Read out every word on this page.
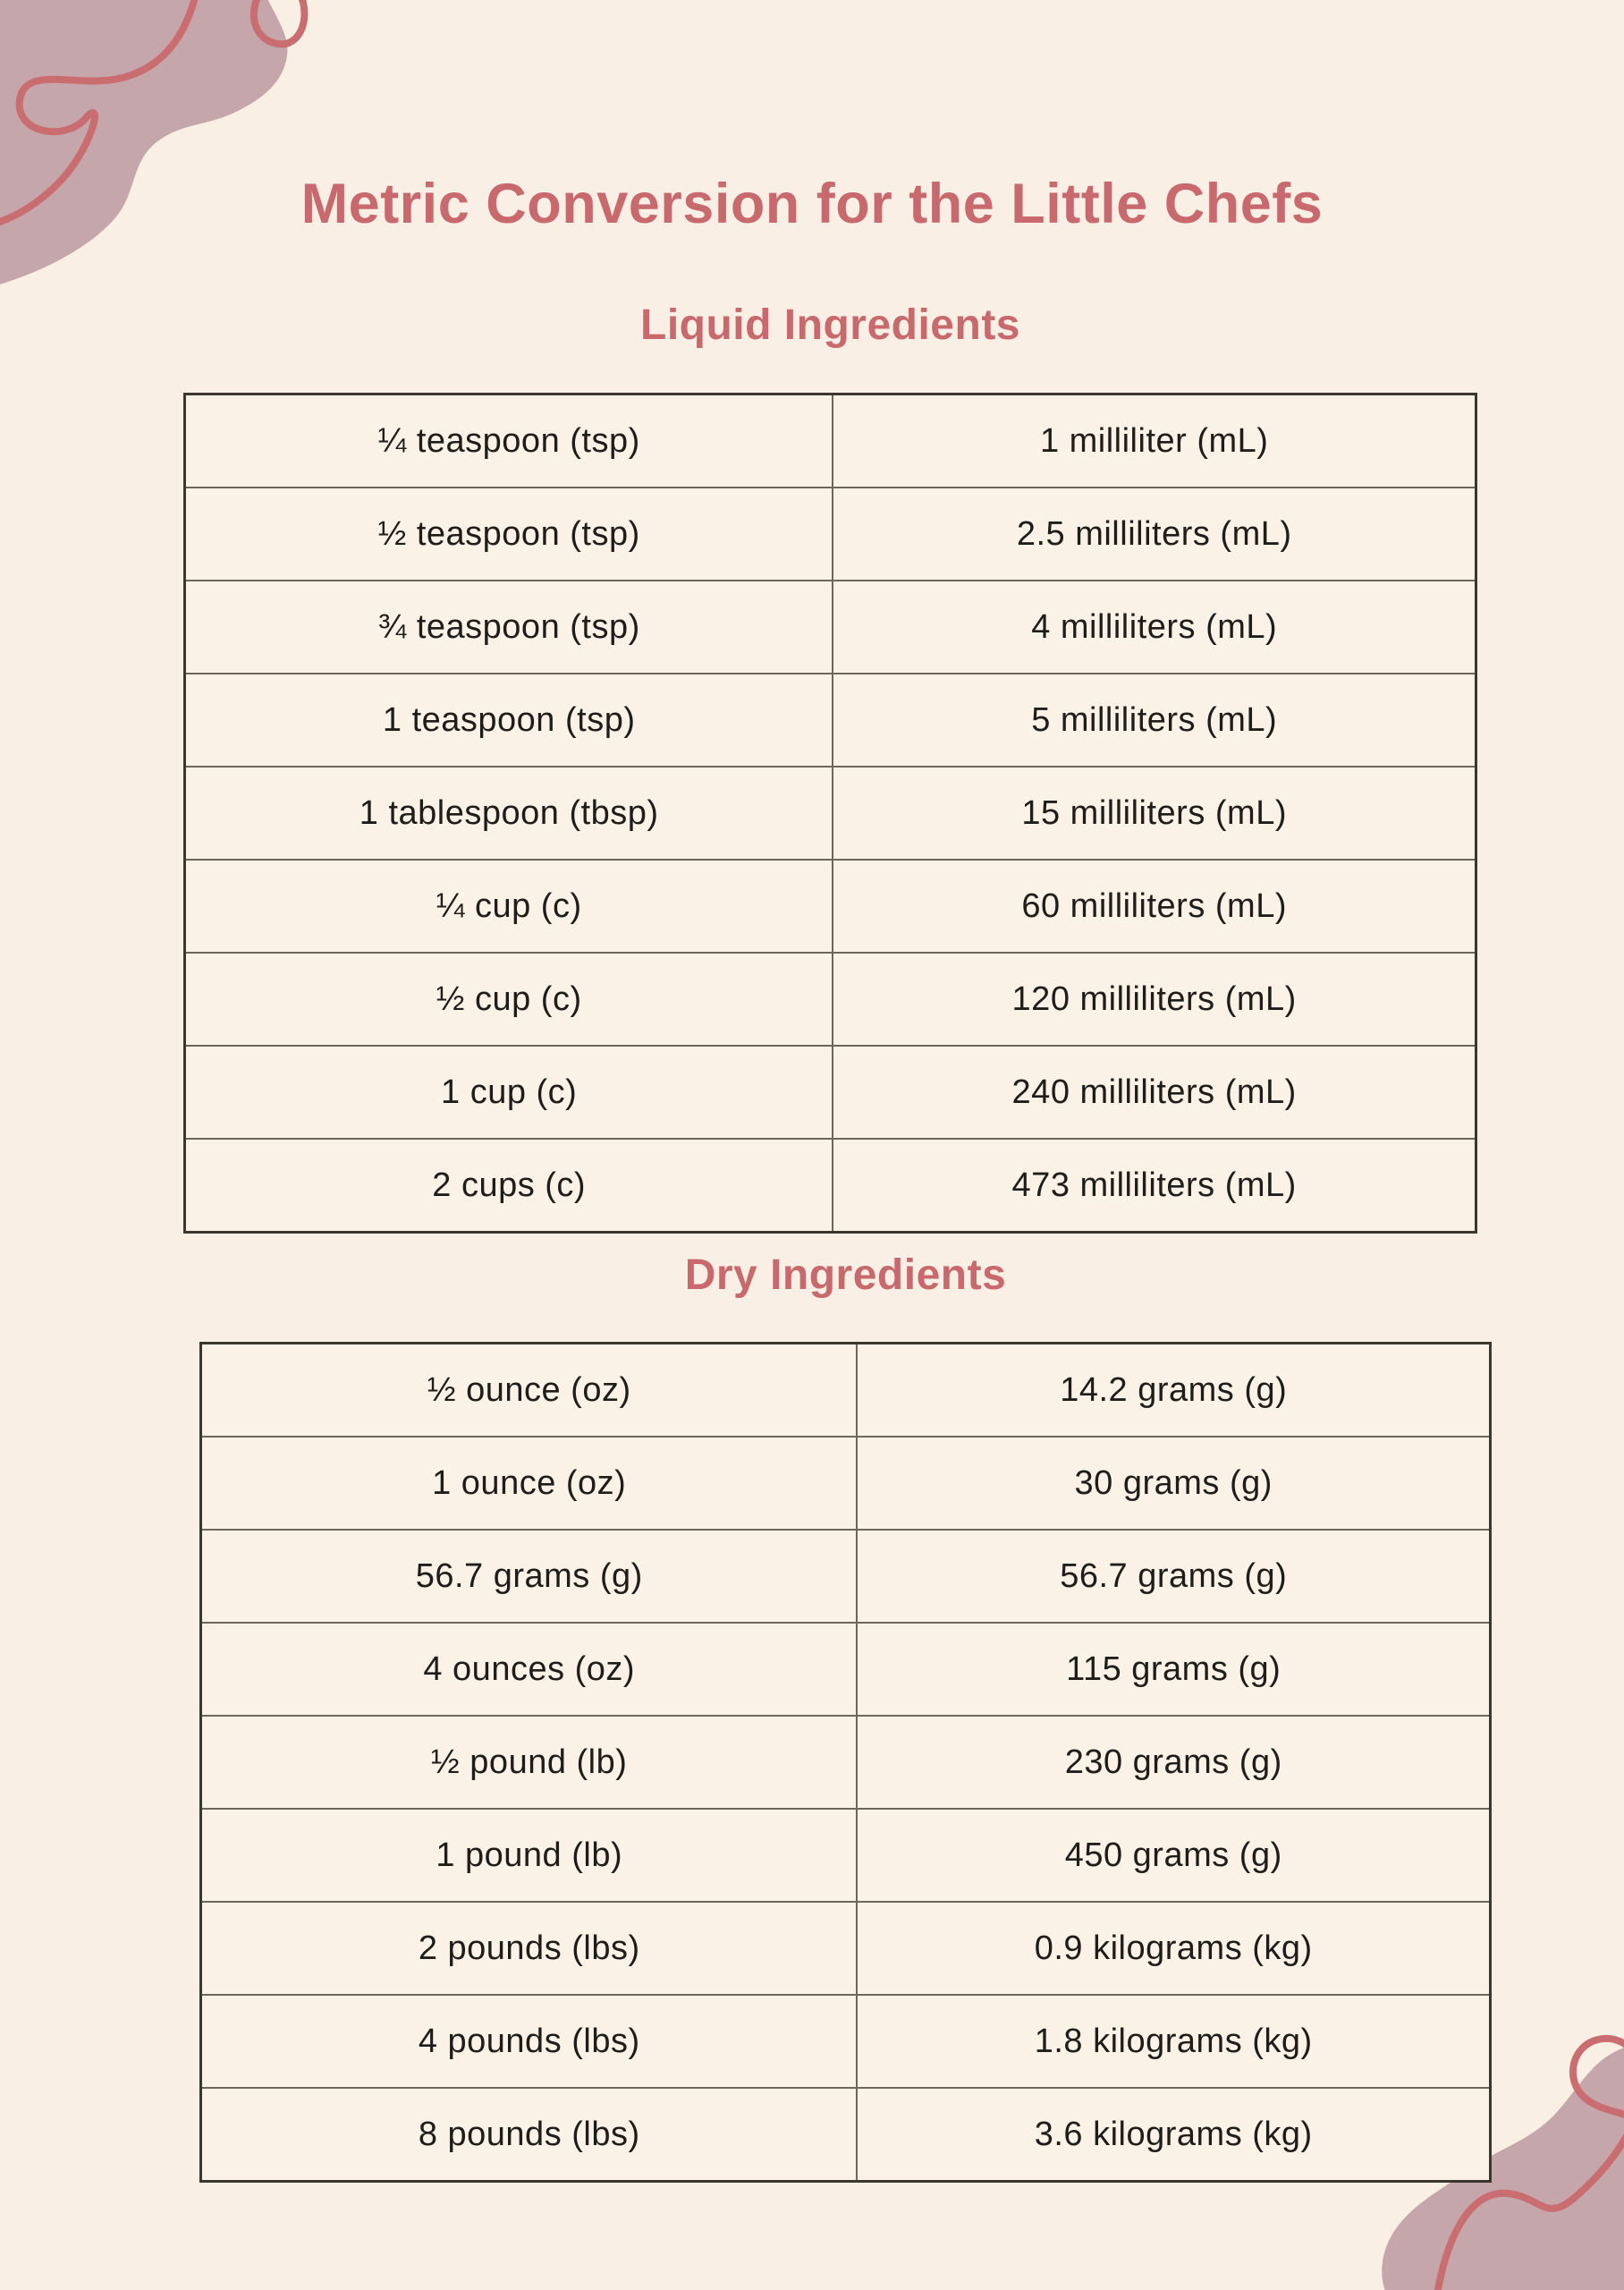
Metric Conversion for the Little Chefs
Liquid Ingredients
¼ teaspoon (tsp)	1 milliliter (mL)
½ teaspoon (tsp)	2.5 milliliters (mL)
¾ teaspoon (tsp)	4 milliliters (mL)
1 teaspoon (tsp)	5 milliliters (mL)
1 tablespoon (tbsp)	15 milliliters (mL)
¼ cup (c)	60 milliliters (mL)
½ cup (c)	120 milliliters (mL)
1 cup (c)	240 milliliters (mL)
2 cups (c)	473 milliliters (mL)
Dry Ingredients
½ ounce (oz)	14.2 grams (g)
1 ounce (oz)	30 grams (g)
56.7 grams (g)	56.7 grams (g)
4 ounces (oz)	115 grams (g)
½ pound (lb)	230 grams (g)
1 pound (lb)	450 grams (g)
2 pounds (lbs)	0.9 kilograms (kg)
4 pounds (lbs)	1.8 kilograms (kg)
8 pounds (lbs)	3.6 kilograms (kg)
